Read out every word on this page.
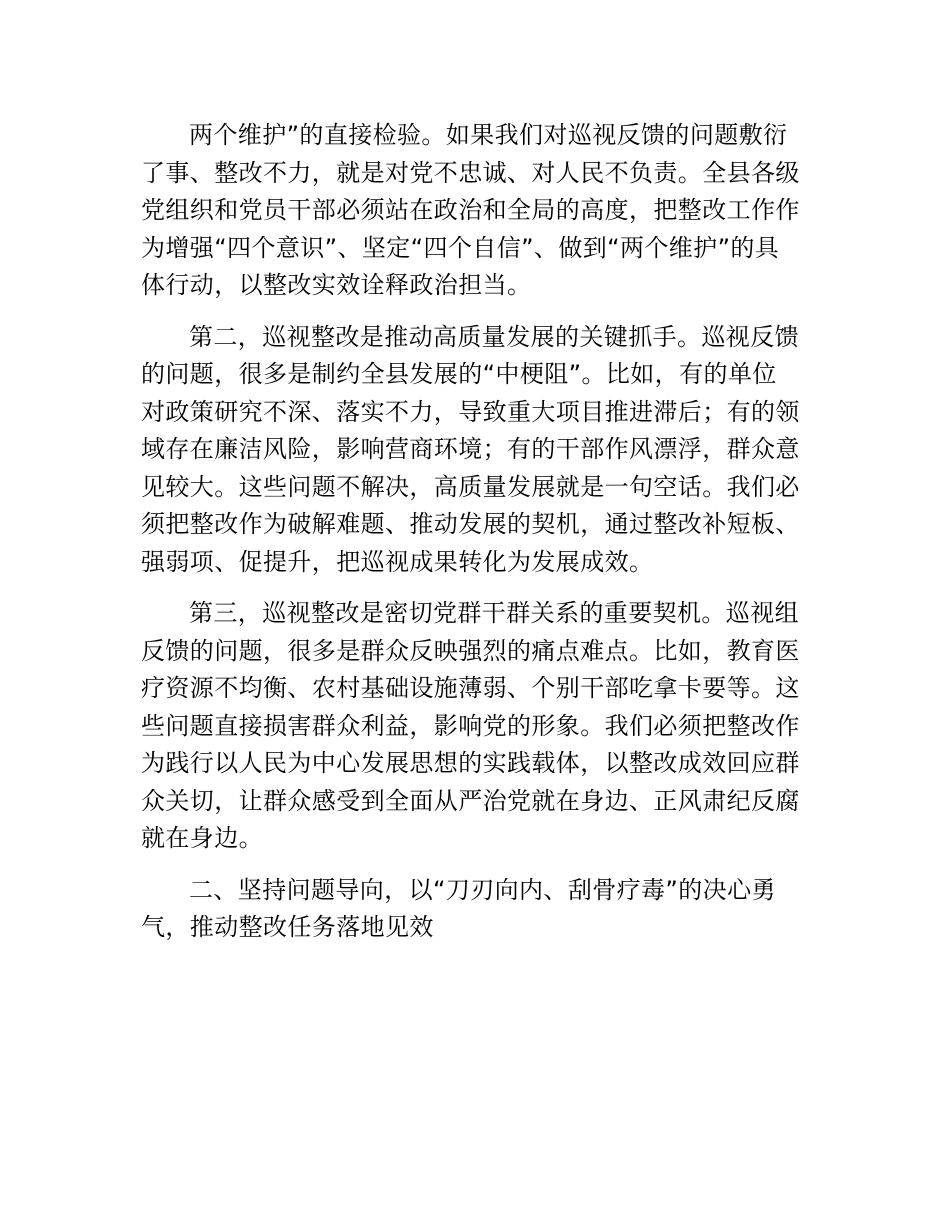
两个维护”的直接检验。如果我们对巡视反馈的问题敷衍
了事、整改不力，就是对党不忠诚、对人民不负责。全县各级
党组织和党员干部必须站在政治和全局的高度，把整改工作作
为增强“四个意识”、坚定“四个自信”、做到“两个维护”的具
体行动，以整改实效诠释政治担当。

第二，巡视整改是推动高质量发展的关键抓手。巡视反馈
的问题，很多是制约全县发展的“中梗阻”。比如，有的单位
对政策研究不深、落实不力，导致重大项目推进滞后；有的领
域存在廉洁风险，影响营商环境；有的干部作风漂浮，群众意
见较大。这些问题不解决，高质量发展就是一句空话。我们必
须把整改作为破解难题、推动发展的契机，通过整改补短板、
强弱项、促提升，把巡视成果转化为发展成效。

第三，巡视整改是密切党群干群关系的重要契机。巡视组
反馈的问题，很多是群众反映强烈的痛点难点。比如，教育医
疗资源不均衡、农村基础设施薄弱、个别干部吃拿卡要等。这
些问题直接损害群众利益，影响党的形象。我们必须把整改作
为践行以人民为中心发展思想的实践载体，以整改成效回应群
众关切，让群众感受到全面从严治党就在身边、正风肃纪反腐
就在身边。

二、坚持问题导向，以“刀刃向内、刮骨疗毒”的决心勇
气，推动整改任务落地见效
